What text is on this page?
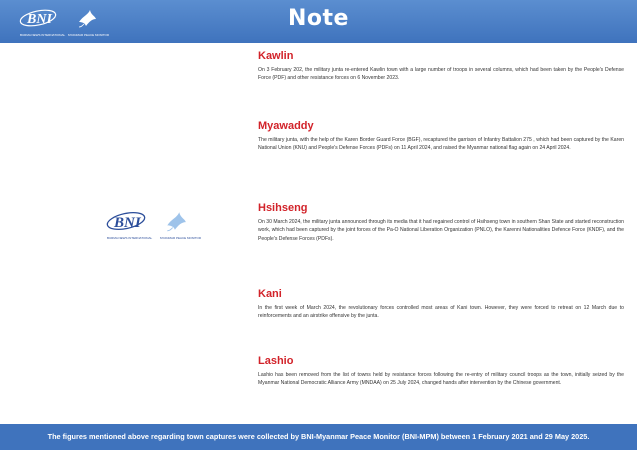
BNI
BURMA NEWS INTERNATIONAL MYANMAR PEACE MONITOR
Note
BNI
BURMA NEWS INTERNATIONAL	MYANMAR PEACE MONITOR
Kawlin

On 3 February 202, the military junta re-entered Kawlin town with a large number of troops in several columns, which had been taken by the People's Defense Force (PDF) and other resistance forces on 6 November 2023.

Myawaddy

The military junta, with the help of the Karen Border Guard Force (BGF), recaptured the garrison of Infantry Battalion 275 , which had been captured by the Karen National Union (KNU) and People's Defense Forces (PDFs) on 11 April 2024, and raised the Myanmar national flag again on 24 April 2024.

Hsihseng

On 30 March 2024, the military junta announced through its media that it had regained control of Hsihseng town in southern Shan State and started reconstruction work, which had been captured by the joint forces of the Pa-O National Liberation Organization (PNLO), the Karenni Nationalities Defence Force (KNDF), and the People's Defense Forces (PDFs).

Kani

In the first week of March 2024, the revolutionary forces controlled most areas of Kani town. However, they were forced to retreat on 12 March due to reinforcements and an airstrike offensive by the junta.

Lashio

Lashio has been removed from the list of towns held by resistance forces following the re-entry of military council troops as the town, initially seized by the Myanmar National Democratic Alliance Army (MNDAA) on 25 July 2024, changed hands after intervention by the Chinese government.

The figures mentioned above regarding town captures were collected by BNI-Myanmar Peace Monitor (BNI-MPM) between 1 February 2021 and 29 May 2025.
